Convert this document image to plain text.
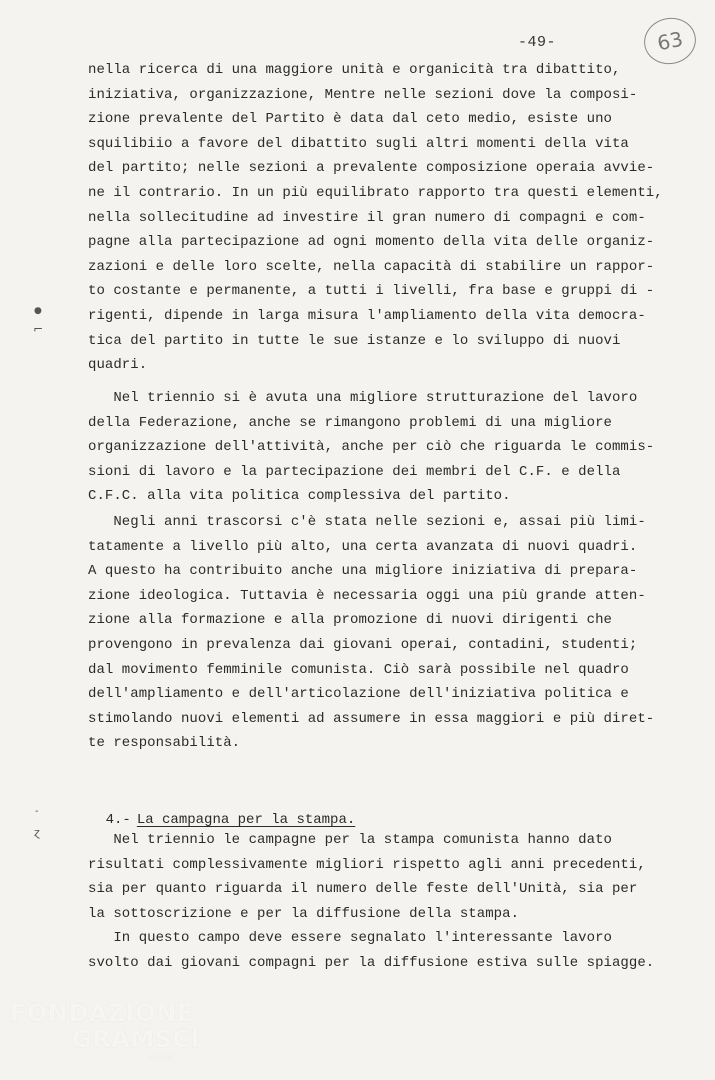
-49-	63
nella ricerca di una maggiore unità e organicità tra dibattito,
iniziativa, organizzazione, Mentre nelle sezioni dove la composi-
zione prevalente del Partito è data dal ceto medio, esiste uno
squilibiio a favore del dibattito sugli altri momenti della vita
del partito; nelle sezioni a prevalente composizione operaia avvie-
ne il contrario. In un più equilibrato rapporto tra questi elementi,
nella sollecitudine ad investire il gran numero di compagni e com-
pagne alla partecipazione ad ogni momento della vita delle organiz-
zazioni e delle loro scelte, nella capacità di stabilire un rappor-
to costante e permanente, a tutti i livelli, fra base e gruppi di -
rigenti, dipende in larga misura l'ampliamento della vita democra-
tica del partito in tutte le sue istanze e lo sviluppo di nuovi
quadri.
Nel triennio si è avuta una migliore strutturazione del lavoro
della Federazione, anche se rimangono problemi di una migliore
organizzazione dell'attività, anche per ciò che riguarda le commis-
sioni di lavoro e la partecipazione dei membri del C.F. e della
C.F.C. alla vita politica complessiva del partito.
Negli anni trascorsi c'è stata nelle sezioni e, assai più limi-
tatamente a livello più alto, una certa avanzata di nuovi quadri.
A questo ha contribuito anche una migliore iniziativa di prepara-
zione ideologica. Tuttavia è necessaria oggi una più grande atten-
zione alla formazione e alla promozione di nuovi dirigenti che
provengono in prevalenza dai giovani operai, contadini, studenti;
dal movimento femminile comunista. Ciò sarà possibile nel quadro
dell'ampliamento e dell'articolazione dell'iniziativa politica e
stimolando nuovi elementi ad assumere in essa maggiori e più diret-
te responsabilità.

4.- La campagna per la stampa.

Nel triennio le campagne per la stampa comunista hanno dato
risultati complessivamente migliori rispetto agli anni precedenti,
sia per quanto riguarda il numero delle feste dell'Unità, sia per
la sottoscrizione e per la diffusione della stampa.
In questo campo deve essere segnalato l'interessante lavoro
svolto dai giovani compagni per la diffusione estiva sulle spiagge.
●
⌐
-
ɀ
FONDAZIONE
GRAMSCI
onlus
